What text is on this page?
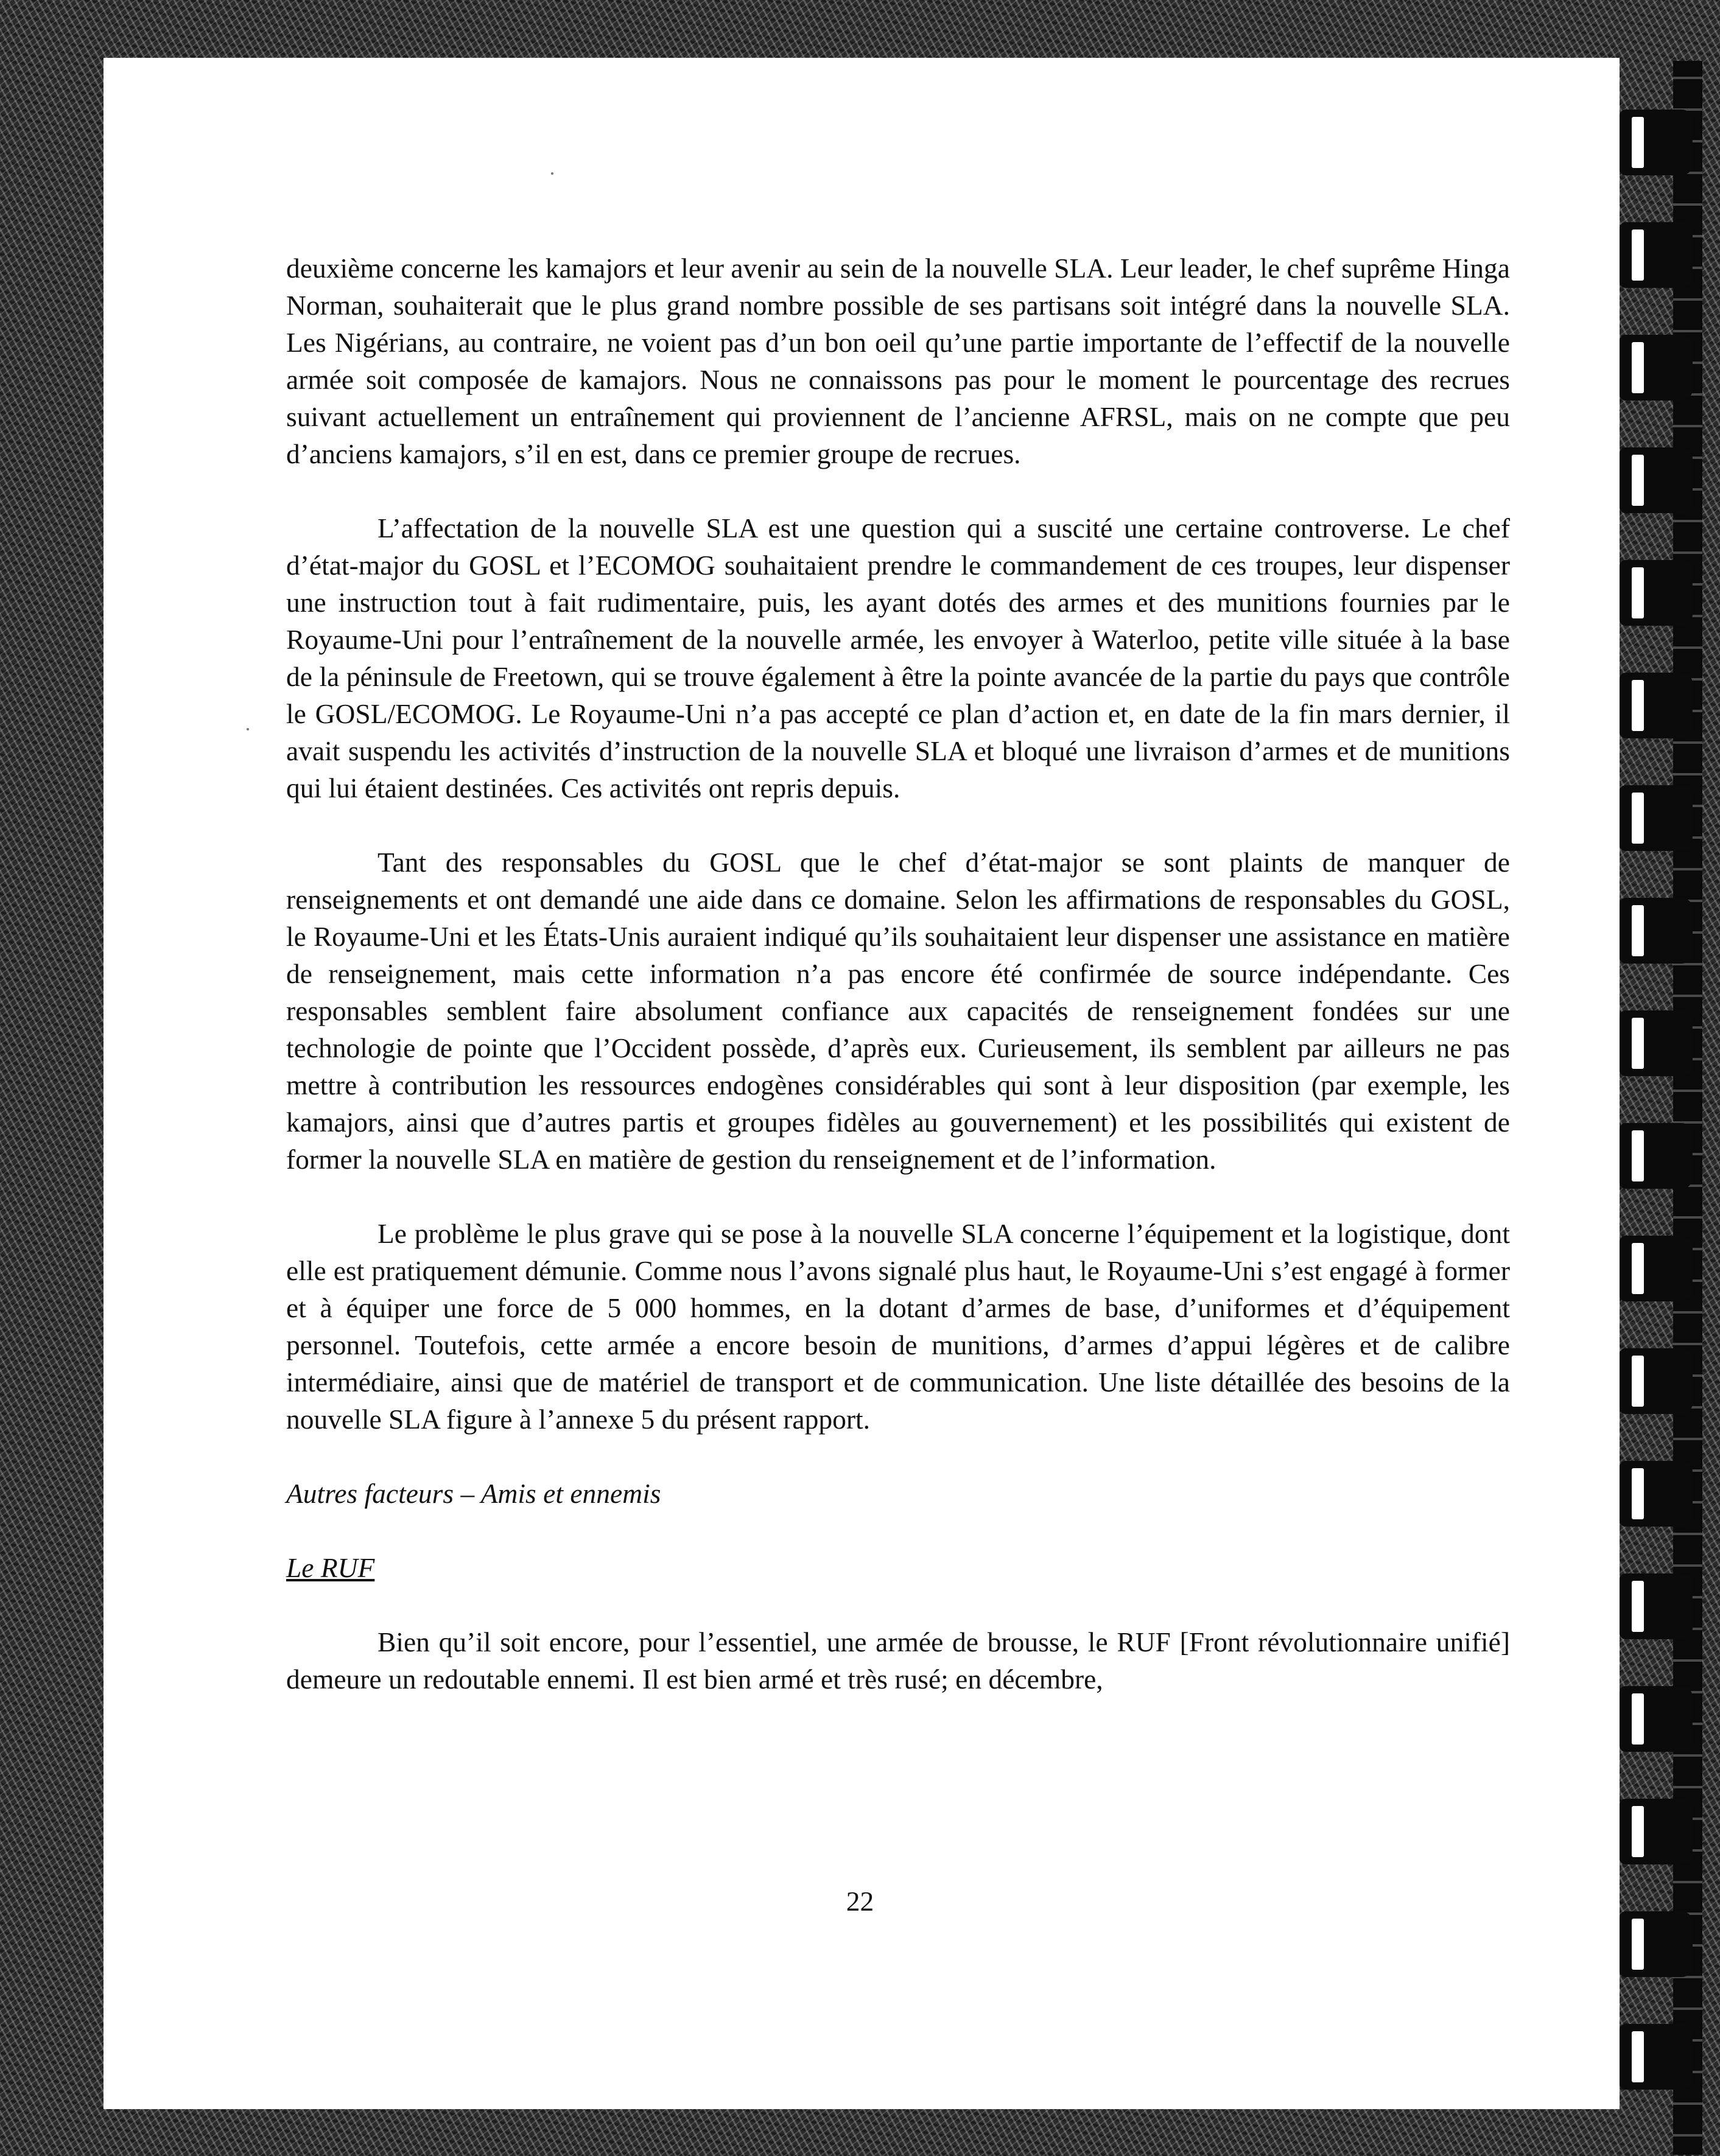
deuxième concerne les kamajors et leur avenir au sein de la nouvelle SLA. Leur leader, le chef suprême Hinga Norman, souhaiterait que le plus grand nombre possible de ses partisans soit intégré dans la nouvelle SLA. Les Nigérians, au contraire, ne voient pas d’un bon oeil qu’une partie importante de l’effectif de la nouvelle armée soit composée de kamajors. Nous ne connaissons pas pour le moment le pourcentage des recrues suivant actuellement un entraînement qui proviennent de l’ancienne AFRSL, mais on ne compte que peu d’anciens kamajors, s’il en est, dans ce premier groupe de recrues.

L’affectation de la nouvelle SLA est une question qui a suscité une certaine controverse. Le chef d’état-major du GOSL et l’ECOMOG souhaitaient prendre le commandement de ces troupes, leur dispenser une instruction tout à fait rudimentaire, puis, les ayant dotés des armes et des munitions fournies par le Royaume-Uni pour l’entraînement de la nouvelle armée, les envoyer à Waterloo, petite ville située à la base de la péninsule de Freetown, qui se trouve également à être la pointe avancée de la partie du pays que contrôle le GOSL/ECOMOG. Le Royaume-Uni n’a pas accepté ce plan d’action et, en date de la fin mars dernier, il avait suspendu les activités d’instruction de la nouvelle SLA et bloqué une livraison d’armes et de munitions qui lui étaient destinées. Ces activités ont repris depuis.

Tant des responsables du GOSL que le chef d’état-major se sont plaints de manquer de renseignements et ont demandé une aide dans ce domaine. Selon les affirmations de responsables du GOSL, le Royaume-Uni et les États-Unis auraient indiqué qu’ils souhaitaient leur dispenser une assistance en matière de renseignement, mais cette information n’a pas encore été confirmée de source indépendante. Ces responsables semblent faire absolument confiance aux capacités de renseignement fondées sur une technologie de pointe que l’Occident possède, d’après eux. Curieusement, ils semblent par ailleurs ne pas mettre à contribution les ressources endogènes considérables qui sont à leur disposition (par exemple, les kamajors, ainsi que d’autres partis et groupes fidèles au gouvernement) et les possibilités qui existent de former la nouvelle SLA en matière de gestion du renseignement et de l’information.

Le problème le plus grave qui se pose à la nouvelle SLA concerne l’équipement et la logistique, dont elle est pratiquement démunie. Comme nous l’avons signalé plus haut, le Royaume-Uni s’est engagé à former et à équiper une force de 5 000 hommes, en la dotant d’armes de base, d’uniformes et d’équipement personnel. Toutefois, cette armée a encore besoin de munitions, d’armes d’appui légères et de calibre intermédiaire, ainsi que de matériel de transport et de communication. Une liste détaillée des besoins de la nouvelle SLA figure à l’annexe 5 du présent rapport.

Autres facteurs – Amis et ennemis

Le RUF

Bien qu’il soit encore, pour l’essentiel, une armée de brousse, le RUF [Front révolutionnaire unifié] demeure un redoutable ennemi. Il est bien armé et très rusé; en décembre,

22
